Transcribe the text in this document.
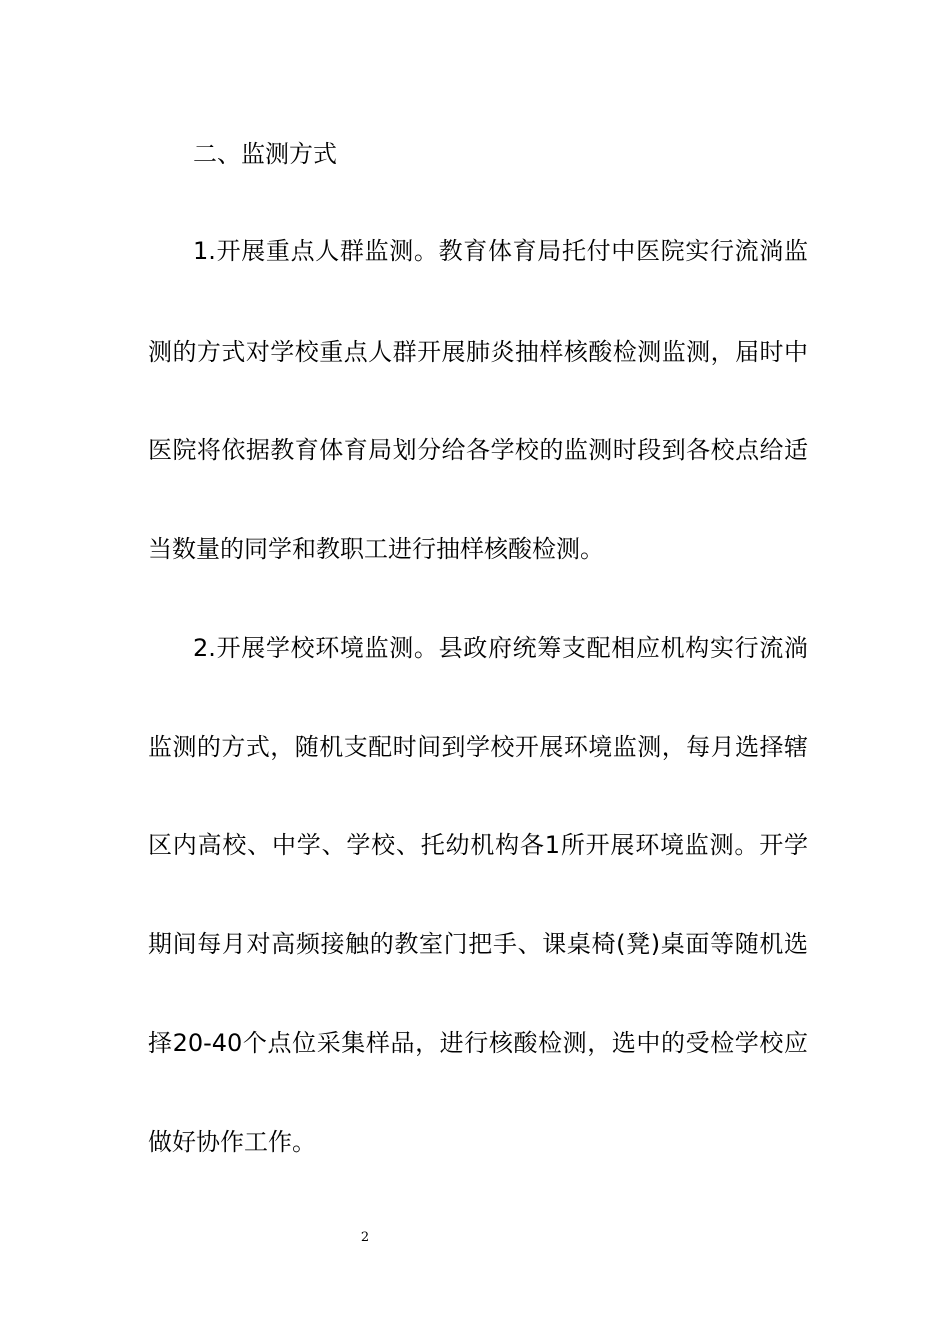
二、监测方式
1.开展重点人群监测。教育体育局托付中医院实行流淌监
测的方式对学校重点人群开展肺炎抽样核酸检测监测，届时中
医院将依据教育体育局划分给各学校的监测时段到各校点给适
当数量的同学和教职工进行抽样核酸检测。
2.开展学校环境监测。县政府统筹支配相应机构实行流淌
监测的方式，随机支配时间到学校开展环境监测，每月选择辖
区内高校、中学、学校、托幼机构各1所开展环境监测。开学
期间每月对高频接触的教室门把手、课桌椅(凳)桌面等随机选
择20-40个点位采集样品，进行核酸检测，选中的受检学校应
做好协作工作。
2
